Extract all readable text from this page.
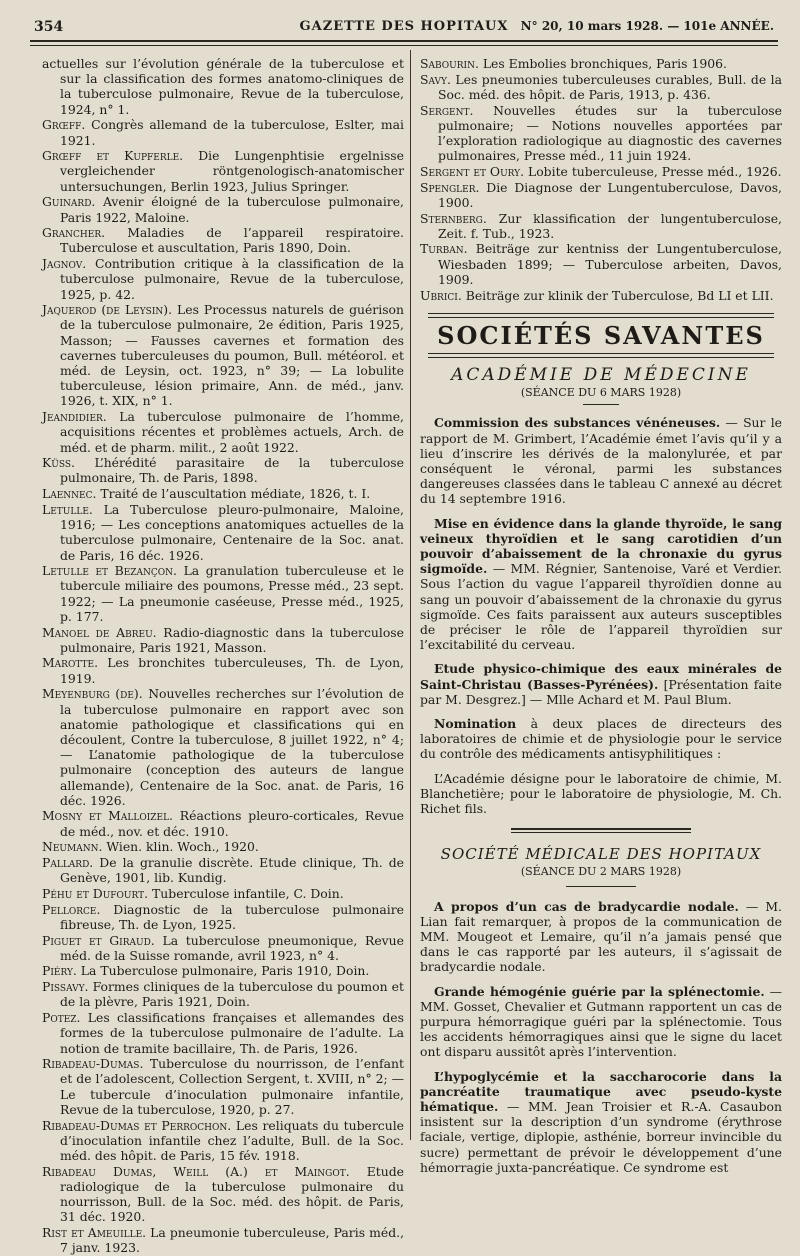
354	GAZETTE DES HOPITAUX	N° 20, 10 mars 1928. — 101e ANNÉE.
actuelles sur l’évolution générale de la tuberculose et sur la classification des formes anatomo-cliniques de la tuberculose pulmonaire, Revue de la tuberculose, 1924, n° 1.
Grœff. Congrès allemand de la tuberculose, Eslter, mai 1921.
Grœff et Kupferle. Die Lungenphtisie ergelnisse vergleichender röntgenologisch-anatomischer untersuchungen, Berlin 1923, Julius Springer.
Guinard. Avenir éloigné de la tuberculose pulmonaire, Paris 1922, Maloine.
Grancher. Maladies de l’appareil respiratoire. Tuberculose et auscultation, Paris 1890, Doin.
Jagnov. Contribution critique à la classification de la tuberculose pulmonaire, Revue de la tuberculose, 1925, p. 42.
Jaquerod (de Leysin). Les Processus naturels de guérison de la tuberculose pulmonaire, 2e édition, Paris 1925, Masson; — Fausses cavernes et formation des cavernes tuberculeuses du poumon, Bull. météorol. et méd. de Leysin, oct. 1923, n° 39; — La lobulite tuberculeuse, lésion primaire, Ann. de méd., janv. 1926, t. XIX, n° 1.
Jeandidier. La tuberculose pulmonaire de l’homme, acquisitions récentes et problèmes actuels, Arch. de méd. et de pharm. milit., 2 août 1922.
Küss. L’hérédité parasitaire de la tuberculose pulmonaire, Th. de Paris, 1898.
Laennec. Traité de l’auscultation médiate, 1826, t. I.
Letulle. La Tuberculose pleuro-pulmonaire, Maloine, 1916; — Les conceptions anatomiques actuelles de la tuberculose pulmonaire, Centenaire de la Soc. anat. de Paris, 16 déc. 1926.
Letulle et Bezançon. La granulation tuberculeuse et le tubercule miliaire des poumons, Presse méd., 23 sept. 1922; — La pneumonie caséeuse, Presse méd., 1925, p. 177.
Manoel de Abreu. Radio-diagnostic dans la tuberculose pulmonaire, Paris 1921, Masson.
Marotte. Les bronchites tuberculeuses, Th. de Lyon, 1919.
Meyenburg (de). Nouvelles recherches sur l’évolution de la tuberculose pulmonaire en rapport avec son anatomie pathologique et classifications qui en découlent, Contre la tuberculose, 8 juillet 1922, n° 4; — L’anatomie pathologique de la tuberculose pulmonaire (conception des auteurs de langue allemande), Centenaire de la Soc. anat. de Paris, 16 déc. 1926.
Mosny et Malloizel. Réactions pleuro-corticales, Revue de méd., nov. et déc. 1910.
Neumann. Wien. klin. Woch., 1920.
Pallard. De la granulie discrète. Etude clinique, Th. de Genève, 1901, lib. Kundig.
Péhu et Dufourt. Tuberculose infantile, C. Doin.
Pellorce. Diagnostic de la tuberculose pulmonaire fibreuse, Th. de Lyon, 1925.
Piguet et Giraud. La tuberculose pneumonique, Revue méd. de la Suisse romande, avril 1923, n° 4.
Piéry. La Tuberculose pulmonaire, Paris 1910, Doin.
Pissavy. Formes cliniques de la tuberculose du poumon et de la plèvre, Paris 1921, Doin.
Potez. Les classifications françaises et allemandes des formes de la tuberculose pulmonaire de l’adulte. La notion de tramite bacillaire, Th. de Paris, 1926.
Ribadeau-Dumas. Tuberculose du nourrisson, de l’enfant et de l’adolescent, Collection Sergent, t. XVIII, n° 2; — Le tubercule d’inoculation pulmonaire infantile, Revue de la tuberculose, 1920, p. 27.
Ribadeau-Dumas et Perrochon. Les reliquats du tubercule d’inoculation infantile chez l’adulte, Bull. de la Soc. méd. des hôpit. de Paris, 15 fév. 1918.
Ribadeau Dumas, Weill (A.) et Maingot. Etude radiologique de la tuberculose pulmonaire du nourrisson, Bull. de la Soc. méd. des hôpit. de Paris, 31 déc. 1920.
Rist et Ameuille. La pneumonie tuberculeuse, Paris méd., 7 janv. 1923.
Sabourin. Les Embolies bronchiques, Paris 1906.
Savy. Les pneumonies tuberculeuses curables, Bull. de la Soc. méd. des hôpit. de Paris, 1913, p. 436.
Sergent. Nouvelles études sur la tuberculose pulmonaire; — Notions nouvelles apportées par l’exploration radiologique au diagnostic des cavernes pulmonaires, Presse méd., 11 juin 1924.
Sergent et Oury. Lobite tuberculeuse, Presse méd., 1926.
Spengler. Die Diagnose der Lungentuberculose, Davos, 1900.
Sternberg. Zur klassification der lungentuberculose, Zeit. f. Tub., 1923.
Turban. Beiträge zur kentniss der Lungentuberculose, Wiesbaden 1899; — Tuberculose arbeiten, Davos, 1909.
Ubrici. Beiträge zur klinik der Tuberculose, Bd LI et LII.
SOCIÉTÉS SAVANTES
ACADÉMIE DE MÉDECINE
(SÉANCE DU 6 MARS 1928)
Commission des substances vénéneuses. — Sur le rapport de M. Grimbert, l’Académie émet l’avis qu’il y a lieu d’inscrire les dérivés de la malonylurée, et par conséquent le véronal, parmi les substances dangereuses classées dans le tableau C annexé au décret du 14 septembre 1916.
Mise en évidence dans la glande thyroïde, le sang veineux thyroïdien et le sang carotidien d’un pouvoir d’abaissement de la chronaxie du gyrus sigmoïde. — MM. Régnier, Santenoise, Varé et Verdier. Sous l’action du vague l’appareil thyroïdien donne au sang un pouvoir d’abaissement de la chronaxie du gyrus sigmoïde. Ces faits paraissent aux auteurs susceptibles de préciser le rôle de l’appareil thyroïdien sur l’excitabilité du cerveau.
Etude physico-chimique des eaux minérales de Saint-Christau (Basses-Pyrénées). [Présentation faite par M. Desgrez.] — Mlle Achard et M. Paul Blum.
Nomination à deux places de directeurs des laboratoires de chimie et de physiologie pour le service du contrôle des médicaments antisyphilitiques :
L’Académie désigne pour le laboratoire de chimie, M. Blanchetière; pour le laboratoire de physiologie, M. Ch. Richet fils.
SOCIÉTÉ MÉDICALE DES HOPITAUX
(SÉANCE DU 2 MARS 1928)
A propos d’un cas de bradycardie nodale. — M. Lian fait remarquer, à propos de la communication de MM. Mougeot et Lemaire, qu’il n’a jamais pensé que dans le cas rapporté par les auteurs, il s’agissait de bradycardie nodale.
Grande hémogénie guérie par la splénectomie. — MM. Gosset, Chevalier et Gutmann rapportent un cas de purpura hémorragique guéri par la splénectomie. Tous les accidents hémorragiques ainsi que le signe du lacet ont disparu aussitôt après l’intervention.
L’hypoglycémie et la saccharocorie dans la pancréatite traumatique avec pseudo-kyste hématique. — MM. Jean Troisier et R.-A. Casaubon insistent sur la description d’un syndrome (érythrose faciale, vertige, diplopie, asthénie, borreur invincible du sucre) permettant de prévoir le développement d’une hémorragie juxta-pancréatique. Ce syndrome est
